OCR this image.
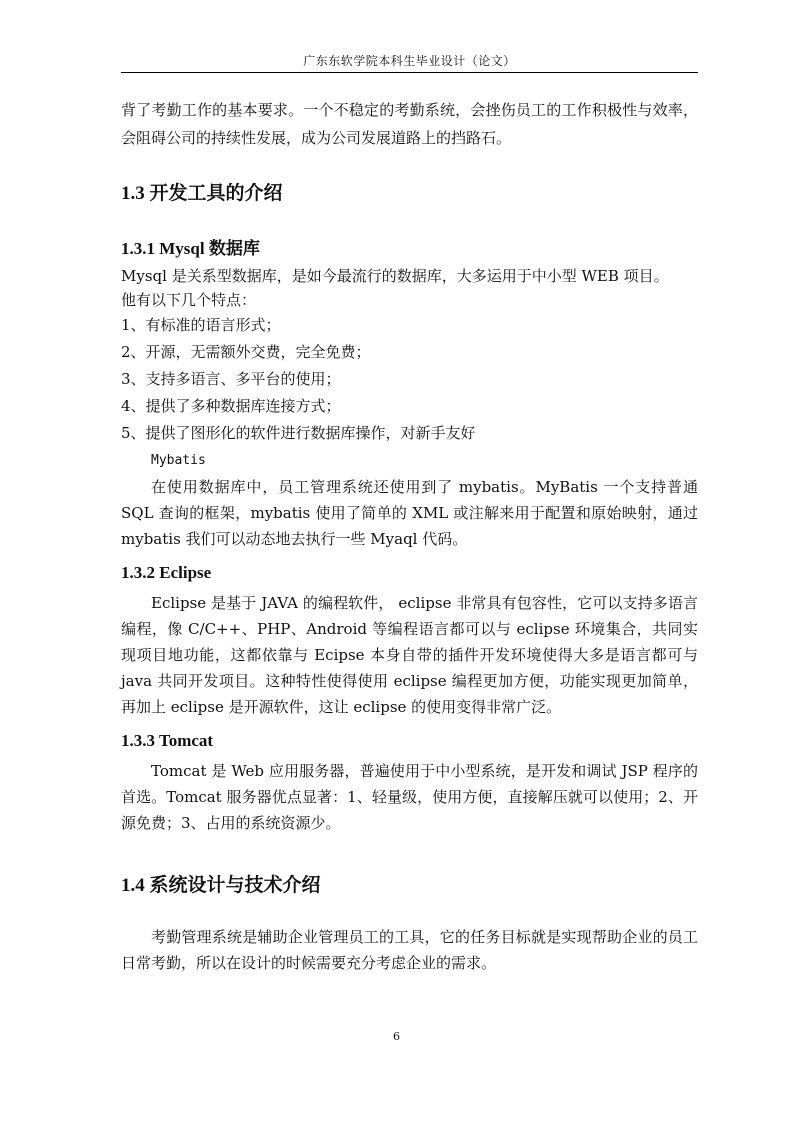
广东东软学院本科生毕业设计（论文）

背了考勤工作的基本要求。一个不稳定的考勤系统，会挫伤员工的工作积极性与效率，会阻碍公司的持续性发展，成为公司发展道路上的挡路石。

1.3 开发工具的介绍
1.3.1 Mysql 数据库

Mysql 是关系型数据库，是如今最流行的数据库，大多运用于中小型 WEB 项目。

他有以下几个特点：

1、有标准的语言形式；

2、开源，无需额外交费，完全免费；

3、支持多语言、多平台的使用；

4、提供了多种数据库连接方式；

5、提供了图形化的软件进行数据库操作，对新手友好

Mybatis

在使用数据库中，员工管理系统还使用到了 mybatis。MyBatis 一个支持普通 SQL 查询的框架，mybatis 使用了简单的 XML 或注解来用于配置和原始映射，通过 mybatis 我们可以动态地去执行一些 Myaql 代码。

1.3.2 Eclipse

Eclipse 是基于 JAVA 的编程软件， eclipse 非常具有包容性，它可以支持多语言编程，像 C/C++、PHP、Android 等编程语言都可以与 eclipse 环境集合，共同实现项目地功能，这都依靠与 Ecipse 本身自带的插件开发环境使得大多是语言都可与 java 共同开发项目。这种特性使得使用 eclipse 编程更加方便，功能实现更加简单，再加上 eclipse 是开源软件，这让 eclipse 的使用变得非常广泛。

1.3.3 Tomcat

Tomcat 是 Web 应用服务器，普遍使用于中小型系统，是开发和调试 JSP 程序的首选。Tomcat 服务器优点显著：1、轻量级，使用方便，直接解压就可以使用；2、开源免费；3、占用的系统资源少。

1.4 系统设计与技术介绍

考勤管理系统是辅助企业管理员工的工具，它的任务目标就是实现帮助企业的员工日常考勤，所以在设计的时候需要充分考虑企业的需求。

6
